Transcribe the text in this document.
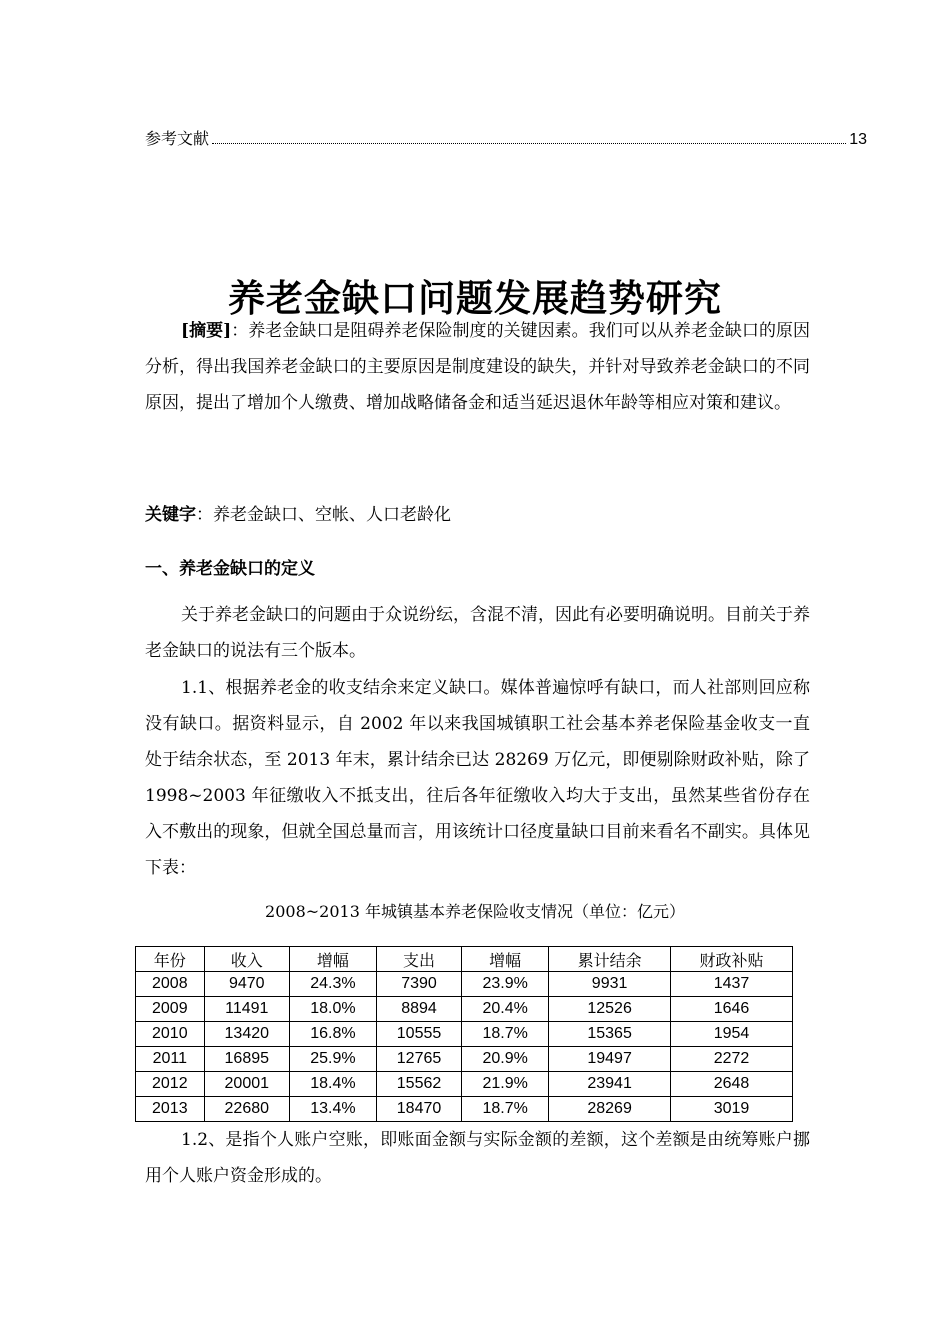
参考文献	13
养老金缺口问题发展趋势研究
[摘要]：养老金缺口是阻碍养老保险制度的关键因素。我们可以从养老金缺口的原因分析，得出我国养老金缺口的主要原因是制度建设的缺失，并针对导致养老金缺口的不同原因，提出了增加个人缴费、增加战略储备金和适当延迟退休年龄等相应对策和建议。
关键字：养老金缺口、空帐、人口老龄化
一、养老金缺口的定义
关于养老金缺口的问题由于众说纷纭，含混不清，因此有必要明确说明。目前关于养老金缺口的说法有三个版本。
1.1、根据养老金的收支结余来定义缺口。媒体普遍惊呼有缺口，而人社部则回应称没有缺口。据资料显示，自 2002 年以来我国城镇职工社会基本养老保险基金收支一直处于结余状态，至 2013 年末，累计结余已达 28269 万亿元，即便剔除财政补贴，除了 1998~2003 年征缴收入不抵支出，往后各年征缴收入均大于支出，虽然某些省份存在入不敷出的现象，但就全国总量而言，用该统计口径度量缺口目前来看名不副实。具体见下表：
2008~2013 年城镇基本养老保险收支情况（单位：亿元）
年份	收入	增幅	支出	增幅	累计结余	财政补贴
2008	9470	24.3%	7390	23.9%	9931	1437
2009	11491	18.0%	8894	20.4%	12526	1646
2010	13420	16.8%	10555	18.7%	15365	1954
2011	16895	25.9%	12765	20.9%	19497	2272
2012	20001	18.4%	15562	21.9%	23941	2648
2013	22680	13.4%	18470	18.7%	28269	3019
1.2、是指个人账户空账，即账面金额与实际金额的差额，这个差额是由统筹账户挪用个人账户资金形成的。
